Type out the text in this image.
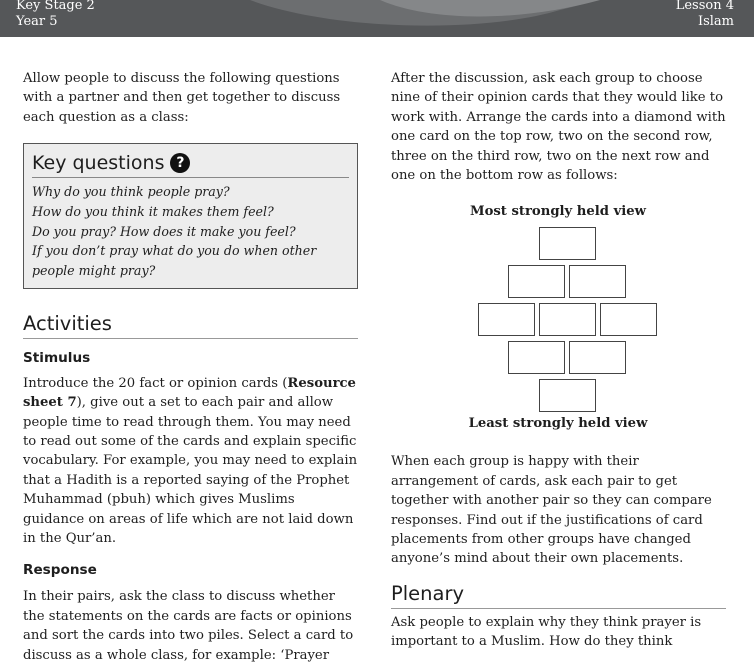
Key Stage 2
Year 5
Lesson 4
Islam

Allow people to discuss the following questions with a partner and then get together to discuss each question as a class:

Key questions ?
Why do you think people pray?
How do you think it makes them feel?
Do you pray? How does it make you feel?
If you don’t pray what do you do when other people might pray?
Activities
Stimulus

Introduce the 20 fact or opinion cards (Resource sheet 7), give out a set to each pair and allow people time to read through them. You may need to read out some of the cards and explain specific vocabulary. For example, you may need to explain that a Hadith is a reported saying of the Prophet Muhammad (pbuh) which gives Muslims guidance on areas of life which are not laid down in the Qur’an.

Response

In their pairs, ask the class to discuss whether the statements on the cards are facts or opinions and sort the cards into two piles. Select a card to discuss as a whole class, for example: ‘Prayer

After the discussion, ask each group to choose nine of their opinion cards that they would like to work with. Arrange the cards into a diamond with one card on the top row, two on the second row, three on the third row, two on the next row and one on the bottom row as follows:

Most strongly held view
Least strongly held view

When each group is happy with their arrangement of cards, ask each pair to get together with another pair so they can compare responses. Find out if the justifications of card placements from other groups have changed anyone’s mind about their own placements.

Plenary

Ask people to explain why they think prayer is important to a Muslim. How do they think
